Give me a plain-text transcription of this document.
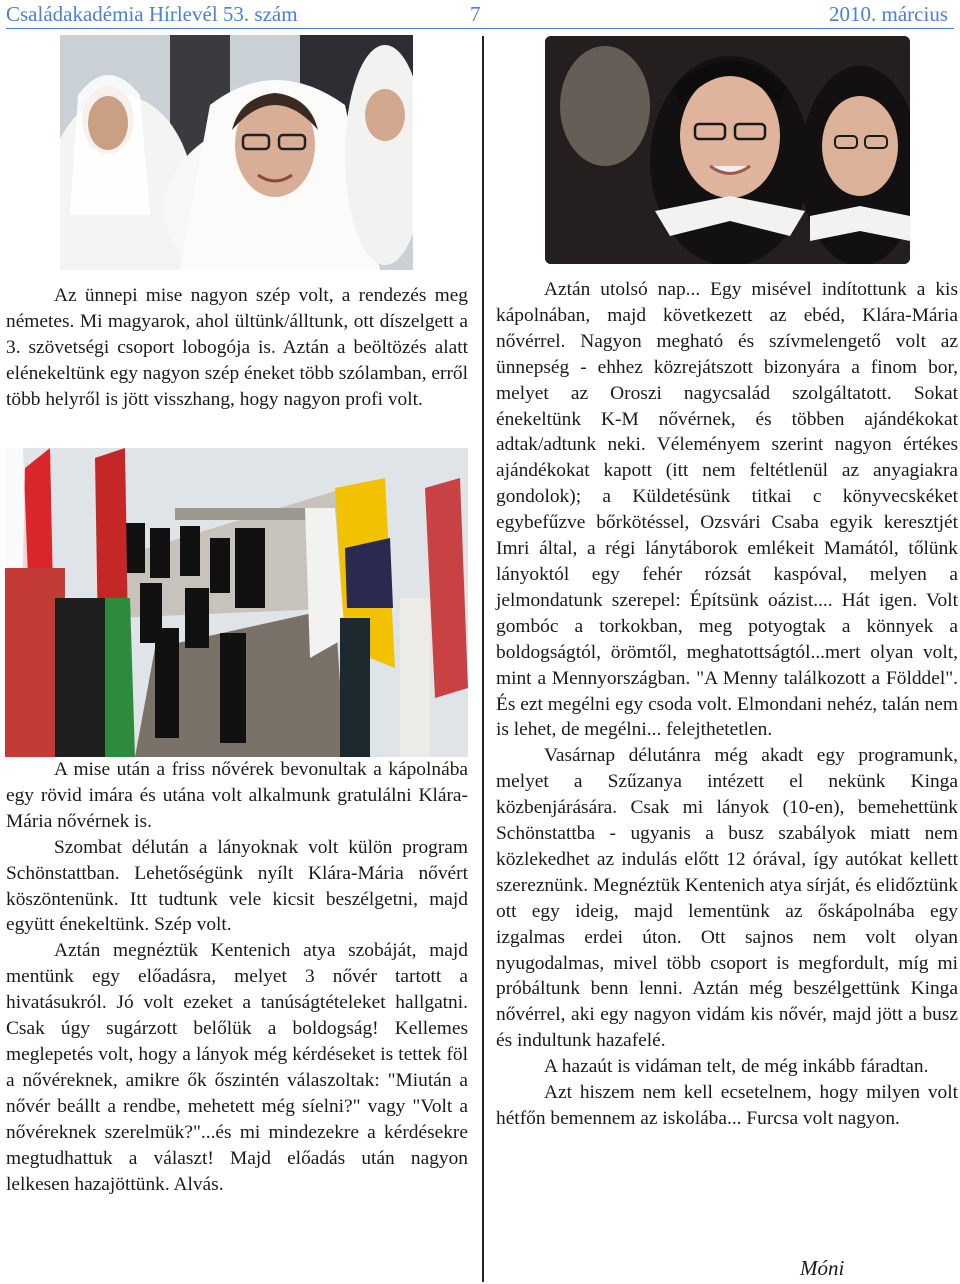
Családakadémia Hírlevél 53. szám	7	2010. március

Az ünnepi mise nagyon szép volt, a rendezés meg németes. Mi magyarok, ahol ültünk/álltunk, ott díszelgett a 3. szövetségi csoport lobogója is. Aztán a beöltözés alatt elénekeltünk egy nagyon szép éneket több szólamban, erről több helyről is jött visszhang, hogy nagyon profi volt.

A mise után a friss nővérek bevonultak a kápolnába egy rövid imára és utána volt alkalmunk gratulálni Klára-Mária nővérnek is.

Szombat délután a lányoknak volt külön program Schönstattban. Lehetőségünk nyílt Klára-Mária nővért köszöntenünk. Itt tudtunk vele kicsit beszélgetni, majd együtt énekeltünk. Szép volt.

Aztán megnéztük Kentenich atya szobáját, majd mentünk egy előadásra, melyet 3 nővér tartott a hivatásukról. Jó volt ezeket a tanúságtételeket hallgatni. Csak úgy sugárzott belőlük a boldogság! Kellemes meglepetés volt, hogy a lányok még kérdéseket is tettek föl a nővéreknek, amikre ők őszintén válaszoltak: "Miután a nővér beállt a rendbe, mehetett még síelni?" vagy "Volt a nővéreknek szerelmük?"...és mi mindezekre a kérdésekre megtudhattuk a választ! Majd előadás után nagyon lelkesen hazajöttünk. Alvás.

Aztán utolsó nap... Egy misével indítottunk a kis kápolnában, majd következett az ebéd, Klára-Mária nővérrel. Nagyon megható és szívmelengető volt az ünnepség - ehhez közrejátszott bizonyára a finom bor, melyet az Oroszi nagycsalád szolgáltatott. Sokat énekeltünk K-M nővérnek, és többen ajándékokat adtak/adtunk neki. Véleményem szerint nagyon értékes ajándékokat kapott (itt nem feltétlenül az anyagiakra gondolok); a Küldetésünk titkai c könyvecskéket egybefűzve bőrkötéssel, Ozsvári Csaba egyik keresztjét Imri által, a régi lánytáborok emlékeit Mamától, tőlünk lányoktól egy fehér rózsát kaspóval, melyen a jelmondatunk szerepel: Építsünk oázist.... Hát igen. Volt gombóc a torkokban, meg potyogtak a könnyek a boldogságtól, örömtől, meghatottságtól...mert olyan volt, mint a Mennyországban. "A Menny találkozott a Földdel". És ezt megélni egy csoda volt. Elmondani nehéz, talán nem is lehet, de megélni... felejthetetlen.

Vasárnap délutánra még akadt egy programunk, melyet a Szűzanya intézett el nekünk Kinga közbenjárására. Csak mi lányok (10-en), bemehettünk Schönstattba - ugyanis a busz szabályok miatt nem közlekedhet az indulás előtt 12 órával, így autókat kellett szereznünk. Megnéztük Kentenich atya sírját, és elidőztünk ott egy ideig, majd lementünk az őskápolnába egy izgalmas erdei úton. Ott sajnos nem volt olyan nyugodalmas, mivel több csoport is megfordult, míg mi próbáltunk benn lenni. Aztán még beszélgettünk Kinga nővérrel, aki egy nagyon vidám kis nővér, majd jött a busz és indultunk hazafelé.

A hazaút is vidáman telt, de még inkább fáradtan.

Azt hiszem nem kell ecsetelnem, hogy milyen volt hétfőn bemennem az iskolába... Furcsa volt nagyon.

Móni
